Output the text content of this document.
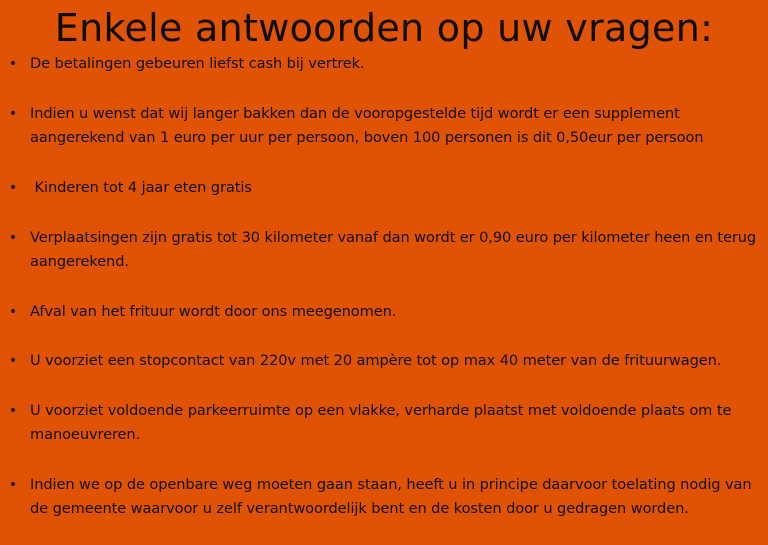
Enkele antwoorden op uw vragen:
• De betalingen gebeuren liefst cash bij vertrek.
• Indien u wenst dat wij langer bakken dan de vooropgestelde tijd wordt er een supplement aangerekend van 1 euro per uur per persoon, boven 100 personen is dit 0,50eur per persoon
• Kinderen tot 4 jaar eten gratis
• Verplaatsingen zijn gratis tot 30 kilometer vanaf dan wordt er 0,90 euro per kilometer heen en terug aangerekend.
• Afval van het frituur wordt door ons meegenomen.
• U voorziet een stopcontact van 220v met 20 ampère tot op max 40 meter van de frituurwagen.
• U voorziet voldoende parkeerruimte op een vlakke, verharde plaatst met voldoende plaats om te manoeuvreren.
• Indien we op de openbare weg moeten gaan staan, heeft u in principe daarvoor toelating nodig van de gemeente waarvoor u zelf verantwoordelijk bent en de kosten door u gedragen worden.
